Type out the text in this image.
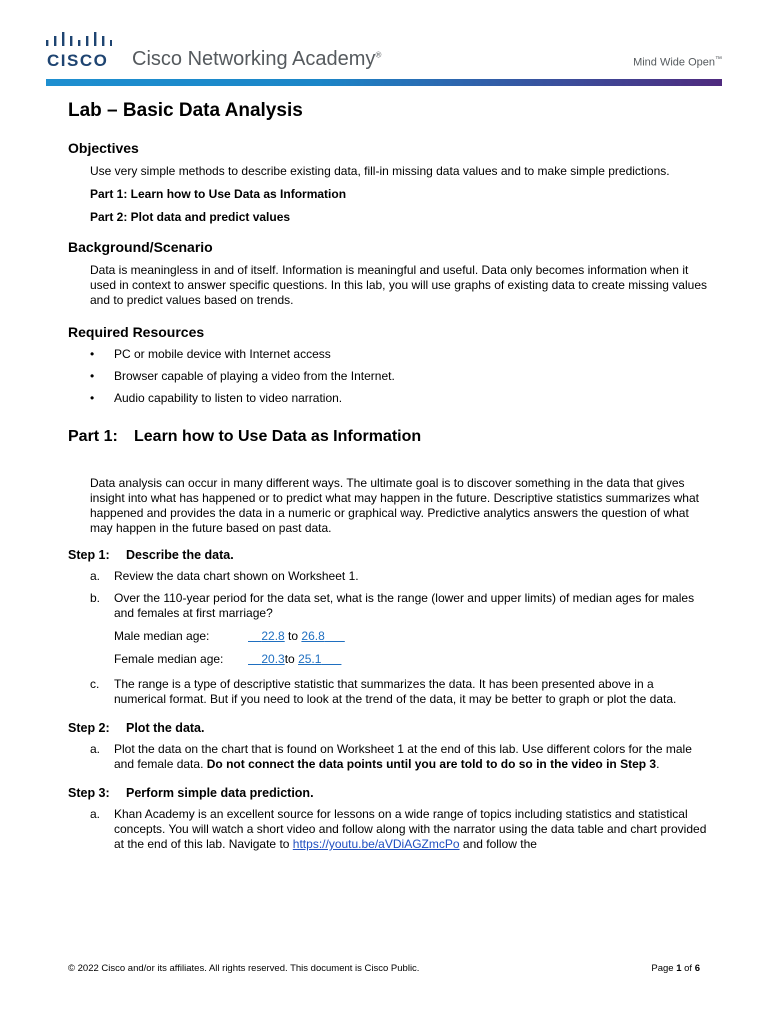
CISCO Cisco Networking Academy®
Mind Wide Open™
Lab – Basic Data Analysis
Objectives

Use very simple methods to describe existing data, fill-in missing data values and to make simple predictions.

Part 1: Learn how to Use Data as Information

Part 2: Plot data and predict values

Background/Scenario

Data is meaningless in and of itself. Information is meaningful and useful. Data only becomes information when it used in context to answer specific questions. In this lab, you will use graphs of existing data to create missing values and to predict values based on trends.

Required Resources
• PC or mobile device with Internet access
• Browser capable of playing a video from the Internet.
• Audio capability to listen to video narration.
Part 1: Learn how to Use Data as Information

Data analysis can occur in many different ways. The ultimate goal is to discover something in the data that gives insight into what has happened or to predict what may happen in the future. Descriptive statistics summarizes what happened and provides the data in a numeric or graphical way. Predictive analytics answers the question of what may happen in the future based on past data.

Step 1: Describe the data.
a. Review the data chart shown on Worksheet 1.
b. Over the 110-year period for the data set, what is the range (lower and upper limits) of median ages for males and females at first marriage?
Male median age:	22.8 to 26.8
Female median age:	20.3to 25.1
c. The range is a type of descriptive statistic that summarizes the data. It has been presented above in a numerical format. But if you need to look at the trend of the data, it may be better to graph or plot the data.
Step 2: Plot the data.
a. Plot the data on the chart that is found on Worksheet 1 at the end of this lab. Use different colors for the male and female data. Do not connect the data points until you are told to do so in the video in Step 3.
Step 3: Perform simple data prediction.
a. Khan Academy is an excellent source for lessons on a wide range of topics including statistics and statistical concepts. You will watch a short video and follow along with the narrator using the data table and chart provided at the end of this lab. Navigate to https://youtu.be/aVDiAGZmcPo and follow the
© 2022 Cisco and/or its affiliates. All rights reserved. This document is Cisco Public.	Page 1 of 6
